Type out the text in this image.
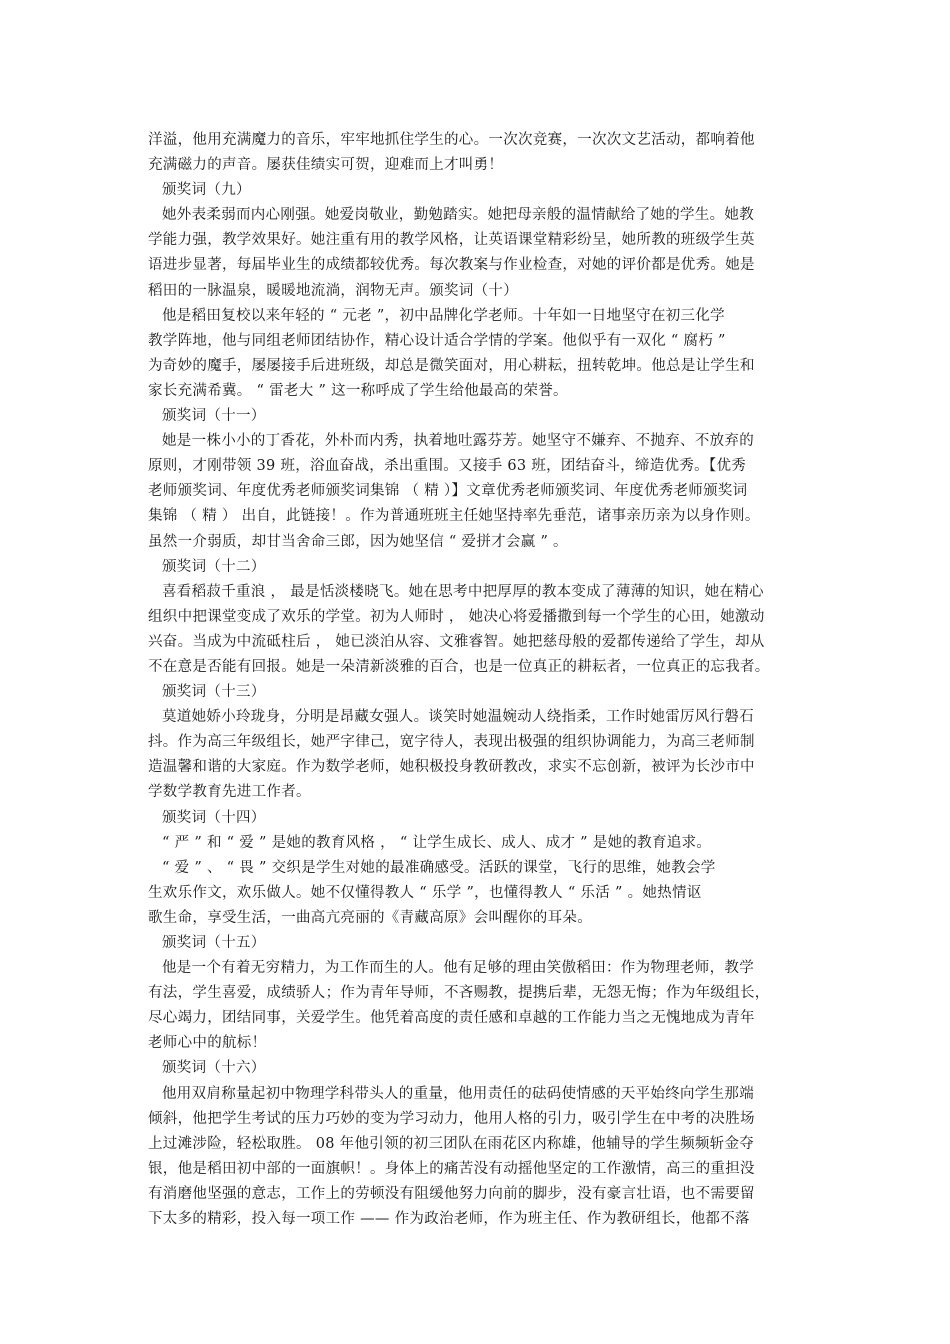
洋溢，他用充满魔力的音乐，牢牢地抓住学生的心。一次次竞赛，一次次文艺活动，都响着他
充满磁力的声音。屡获佳绩实可贺，迎难而上才叫勇！
颁奖词（九）
她外表柔弱而内心刚强。她爱岗敬业，勤勉踏实。她把母亲般的温情献给了她的学生。她教
学能力强，教学效果好。她注重有用的教学风格，让英语课堂精彩纷呈，她所教的班级学生英
语进步显著，每届毕业生的成绩都较优秀。每次教案与作业检查，对她的评价都是优秀。她是
稻田的一脉温泉，暖暖地流淌，润物无声。颁奖词（十）
他是稻田复校以来年轻的 “ 元老 ”，初中品牌化学老师。十年如一日地坚守在初三化学
教学阵地，他与同组老师团结协作，精心设计适合学情的学案。他似乎有一双化 “ 腐朽 ”
为奇妙的魔手，屡屡接手后进班级，却总是微笑面对，用心耕耘，扭转乾坤。他总是让学生和
家长充满希冀。 “ 雷老大 ” 这一称呼成了学生给他最高的荣誉。
颁奖词（十一）
她是一株小小的丁香花，外朴而内秀，执着地吐露芬芳。她坚守不嫌弃、不抛弃、不放弃的
原则，才刚带领 39 班，浴血奋战，杀出重围。又接手 63 班，团结奋斗，缔造优秀。【优秀
老师颁奖词、年度优秀老师颁奖词集锦 （ 精 ）】文章优秀老师颁奖词、年度优秀老师颁奖词
集锦 （ 精 ） 出自，此链接！。作为普通班班主任她坚持率先垂范，诸事亲历亲为以身作则。
虽然一介弱质，却甘当舍命三郎，因为她坚信 “ 爱拼才会赢 ” 。
颁奖词（十二）
喜看稻菽千重浪 ， 最是恬淡楼晓飞。她在思考中把厚厚的教本变成了薄薄的知识，她在精心
组织中把课堂变成了欢乐的学堂。初为人师时 ， 她决心将爱播撒到每一个学生的心田，她激动
兴奋。当成为中流砥柱后 ， 她已淡泊从容、文雅睿智。她把慈母般的爱都传递给了学生，却从
不在意是否能有回报。她是一朵清新淡雅的百合，也是一位真正的耕耘者，一位真正的忘我者。
颁奖词（十三）
莫道她娇小玲珑身，分明是昂藏女强人。谈笑时她温婉动人绕指柔，工作时她雷厉风行磐石
抖。作为高三年级组长，她严字律己，宽字待人，表现出极强的组织协调能力，为高三老师制
造温馨和谐的大家庭。作为数学老师，她积极投身教研教改，求实不忘创新，被评为长沙市中
学数学教育先进工作者。
颁奖词（十四）
“ 严 ” 和 “ 爱 ” 是她的教育风格 ， “ 让学生成长、成人、成才 ” 是她的教育追求。
“ 爱 ” 、 “ 畏 ” 交织是学生对她的最准确感受。活跃的课堂，飞行的思维，她教会学
生欢乐作文，欢乐做人。她不仅懂得教人 “ 乐学 ”，也懂得教人 “ 乐活 ” 。她热情讴
歌生命，享受生活，一曲高亢亮丽的《青藏高原》会叫醒你的耳朵。
颁奖词（十五）
他是一个有着无穷精力，为工作而生的人。他有足够的理由笑傲稻田：作为物理老师，教学
有法，学生喜爱，成绩骄人；作为青年导师，不吝赐教，提携后辈，无怨无悔；作为年级组长，
尽心竭力，团结同事，关爱学生。他凭着高度的责任感和卓越的工作能力当之无愧地成为青年
老师心中的航标！
颁奖词（十六）
他用双肩称量起初中物理学科带头人的重量，他用责任的砝码使情感的天平始终向学生那端
倾斜，他把学生考试的压力巧妙的变为学习动力，他用人格的引力，吸引学生在中考的决胜场
上过滩涉险，轻松取胜。 08 年他引领的初三团队在雨花区内称雄，他辅导的学生频频斩金夺
银，他是稻田初中部的一面旗帜！。身体上的痛苦没有动摇他坚定的工作激情，高三的重担没
有消磨他坚强的意志，工作上的劳顿没有阻缓他努力向前的脚步，没有豪言壮语，也不需要留
下太多的精彩，投入每一项工作 —— 作为政治老师，作为班主任、作为教研组长，他都不落
